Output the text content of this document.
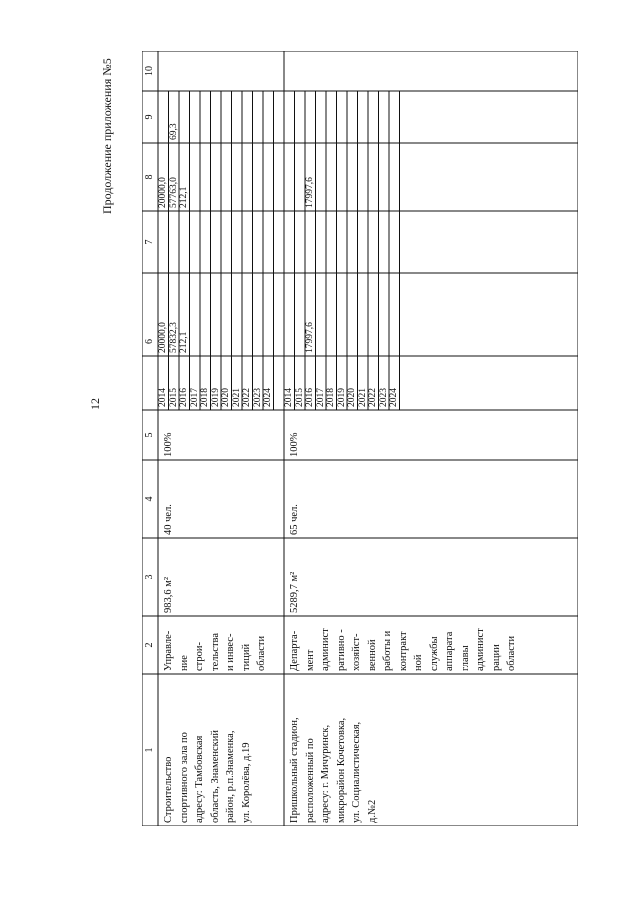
12
Продолжение приложения №5
1
2
3
4
5
6
7
8
9
10
Строительство
спортивного зала по
адресу: Тамбовская
область, Знаменский
район, р.п.Знаменка,
ул. Королёва, д.19
Управле-
ние
строи-
тельства
и инвес-
тиций
области
983,6 м²
40 чел.
100%
Пришкольный стадион,
расположенный по
адресу: г. Мичуринск,
микрорайон Кочетовка,
ул. Социалистическая,
д.№2
Департа-
мент
админист
ративно -
хозяйст-
венной
работы и
контракт
ной
службы
аппарата
главы
админист
рации
области
5289,7 м²
65 чел.
100%
2014 2015 2016 2017 2018 2019 2020 2021 2022 2023 2024
20000,0 57832,3 212,1
20000,0 57763,0 212,1
69,3
2014 2015 2016 2017 2018 2019 2020 2021 2022 2023 2024
17997,6
17997,6
